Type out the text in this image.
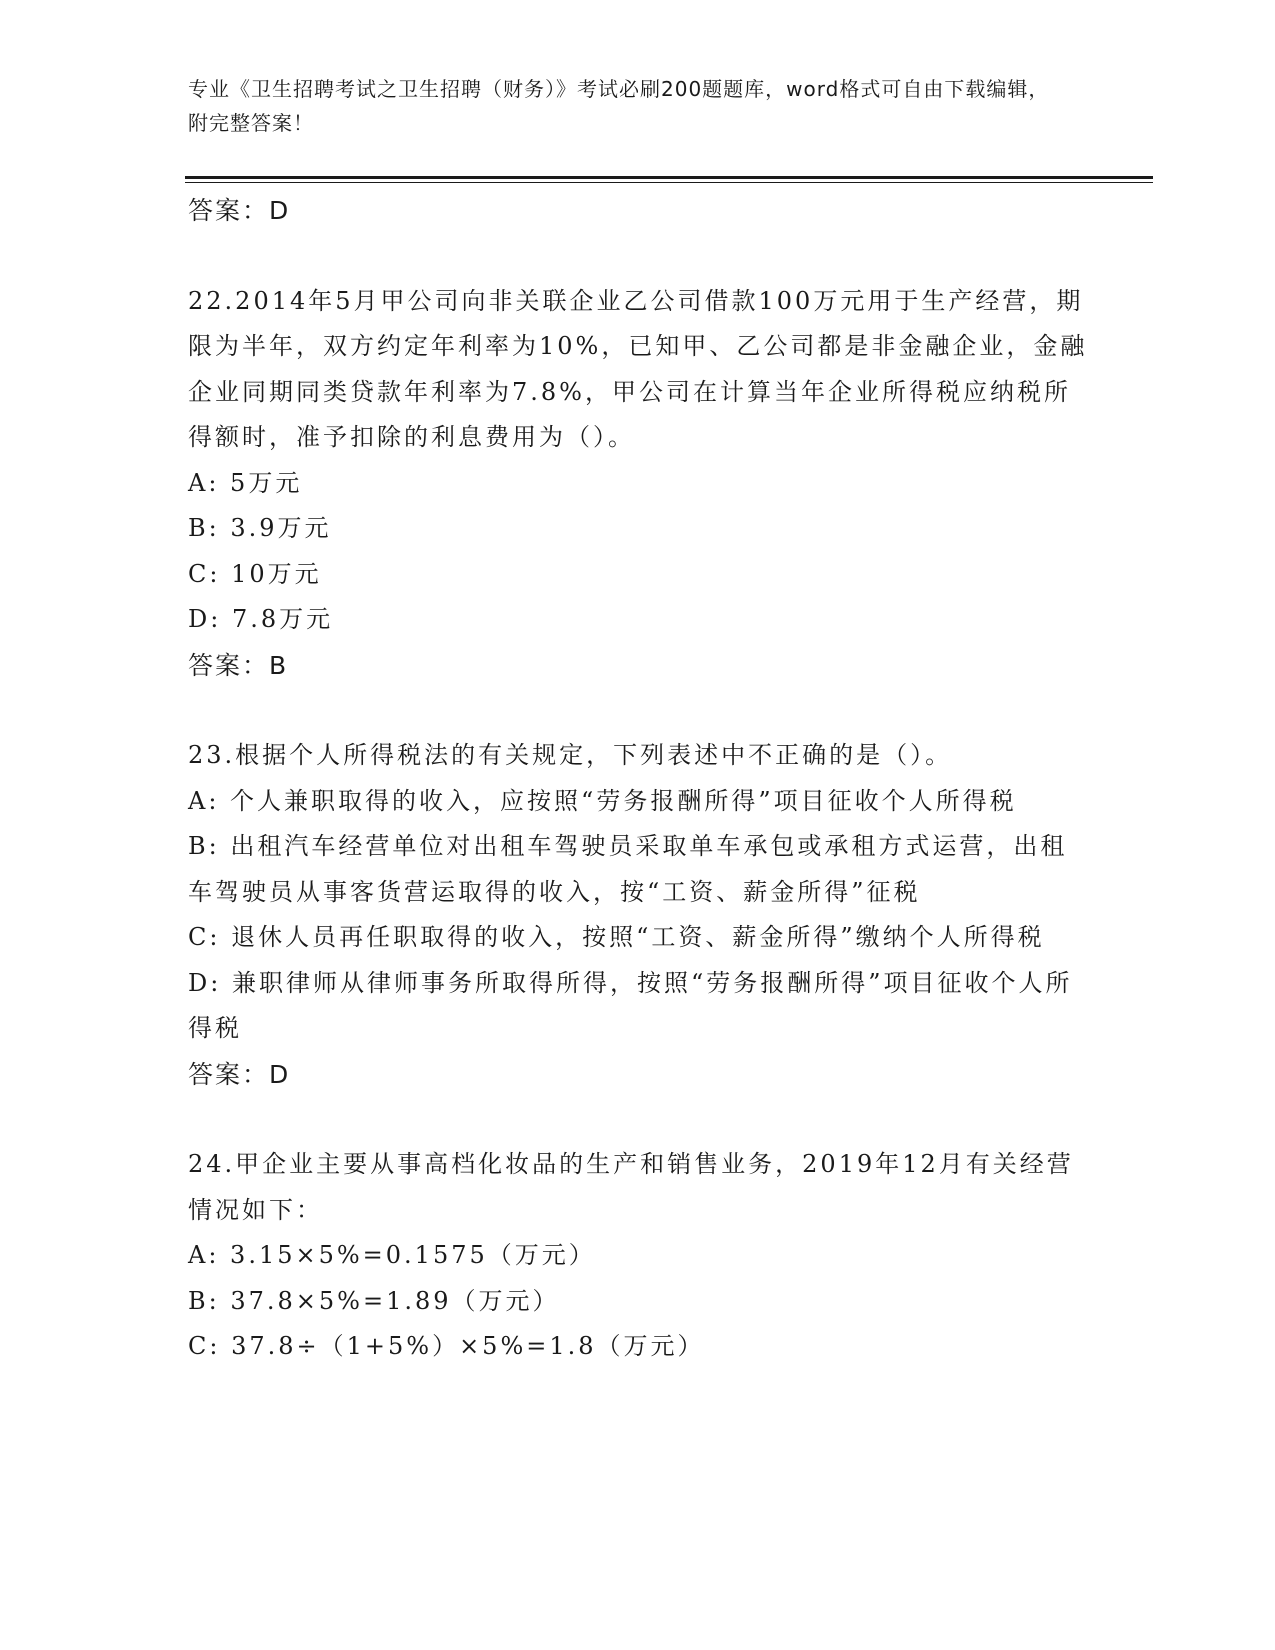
专业《卫生招聘考试之卫生招聘（财务）》考试必刷200题题库，word格式可自由下载编辑，附完整答案！
答案：D
22.2014年5月甲公司向非关联企业乙公司借款100万元用于生产经营，期限为半年，双方约定年利率为10%，已知甲、乙公司都是非金融企业，金融企业同期同类贷款年利率为7.8%，甲公司在计算当年企业所得税应纳税所得额时，准予扣除的利息费用为（）。
A: 5万元
B: 3.9万元
C: 10万元
D: 7.8万元
答案：B
23.根据个人所得税法的有关规定，下列表述中不正确的是（）。
A: 个人兼职取得的收入，应按照“劳务报酬所得”项目征收个人所得税
B: 出租汽车经营单位对出租车驾驶员采取单车承包或承租方式运营，出租车驾驶员从事客货营运取得的收入，按“工资、薪金所得”征税
C: 退休人员再任职取得的收入，按照“工资、薪金所得”缴纳个人所得税
D: 兼职律师从律师事务所取得所得，按照“劳务报酬所得”项目征收个人所得税
答案：D
24.甲企业主要从事高档化妆品的生产和销售业务，2019年12月有关经营情况如下：
A: 3.15×5%=0.1575（万元）
B: 37.8×5%=1.89（万元）
C: 37.8÷（1+5%）×5%=1.8（万元）
